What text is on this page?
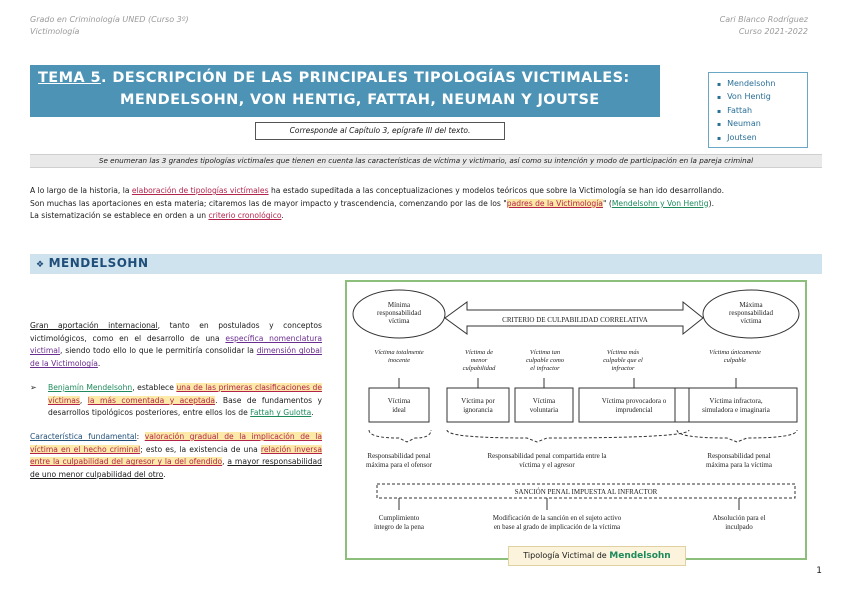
Grado en Criminología UNED (Curso 3º)
Victimología
Cari Blanco Rodríguez
Curso 2021-2022
TEMA 5. DESCRIPCIÓN DE LAS PRINCIPALES TIPOLOGÍAS VICTIMALES:
MENDELSOHN, VON HENTIG, FATTAH, NEUMAN Y JOUTSE
▪ Mendelsohn
▪ Von Hentig
▪ Fattah
▪ Neuman
▪ Joutsen
Corresponde al Capítulo 3, epígrafe III del texto.
Se enumeran las 3 grandes tipologías victimales que tienen en cuenta las características de víctima y victimario, así como su intención y modo de participación en la pareja criminal
A lo largo de la historia, la elaboración de tipologías victímales ha estado supeditada a las conceptualizaciones y modelos teóricos que sobre la Victimología se han ido desarrollando.
Son muchas las aportaciones en esta materia; citaremos las de mayor impacto y trascendencia, comenzando por las de los "padres de la Victimología" (Mendelsohn y Von Hentig).
La sistematización se establece en orden a un criterio cronológico.
❖ MENDELSOHN

Gran aportación internacional, tanto en postulados y conceptos victimológicos, como en el desarrollo de una específica nomenclatura victimal, siendo todo ello lo que le permitiría consolidar la dimensión global de la Victimología.

➢ Benjamín Mendelsohn, establece una de las primeras clasificaciones de víctimas, la más comentada y aceptada. Base de fundamentos y desarrollos tipológicos posteriores, entre ellos los de Fattah y Gulotta.

Característica fundamental: valoración gradual de la implicación de la víctima en el hecho criminal; esto es, la existencia de una relación inversa entre la culpabilidad del agresor y la del ofendido, a mayor responsabilidad de uno menor culpabilidad del otro.

Mínima responsabilidad víctima
Máxima responsabilidad víctima
CRITERIO DE CULPABILIDAD CORRELATIVA
Víctima totalmente inocente
Víctima de menor culpabilidad
Víctima tan culpable como el infractor
Víctima más culpable que el infractor
Víctima únicamente culpable
Víctima ideal
Víctima por ignorancia
Víctima voluntaria
Víctima provocadora o imprudencial
Víctima infractora, simuladora e imaginaria
Responsabilidad penal máxima para el ofensor
Responsabilidad penal compartida entre la víctima y el agresor
Responsabilidad penal máxima para la víctima
SANCIÓN PENAL IMPUESTA AL INFRACTOR
Cumplimiento íntegro de la pena
Modificación de la sanción en el sujeto activo en base al grado de implicación de la víctima
Absolución para el inculpado
Tipología Victimal de Mendelsohn
1
